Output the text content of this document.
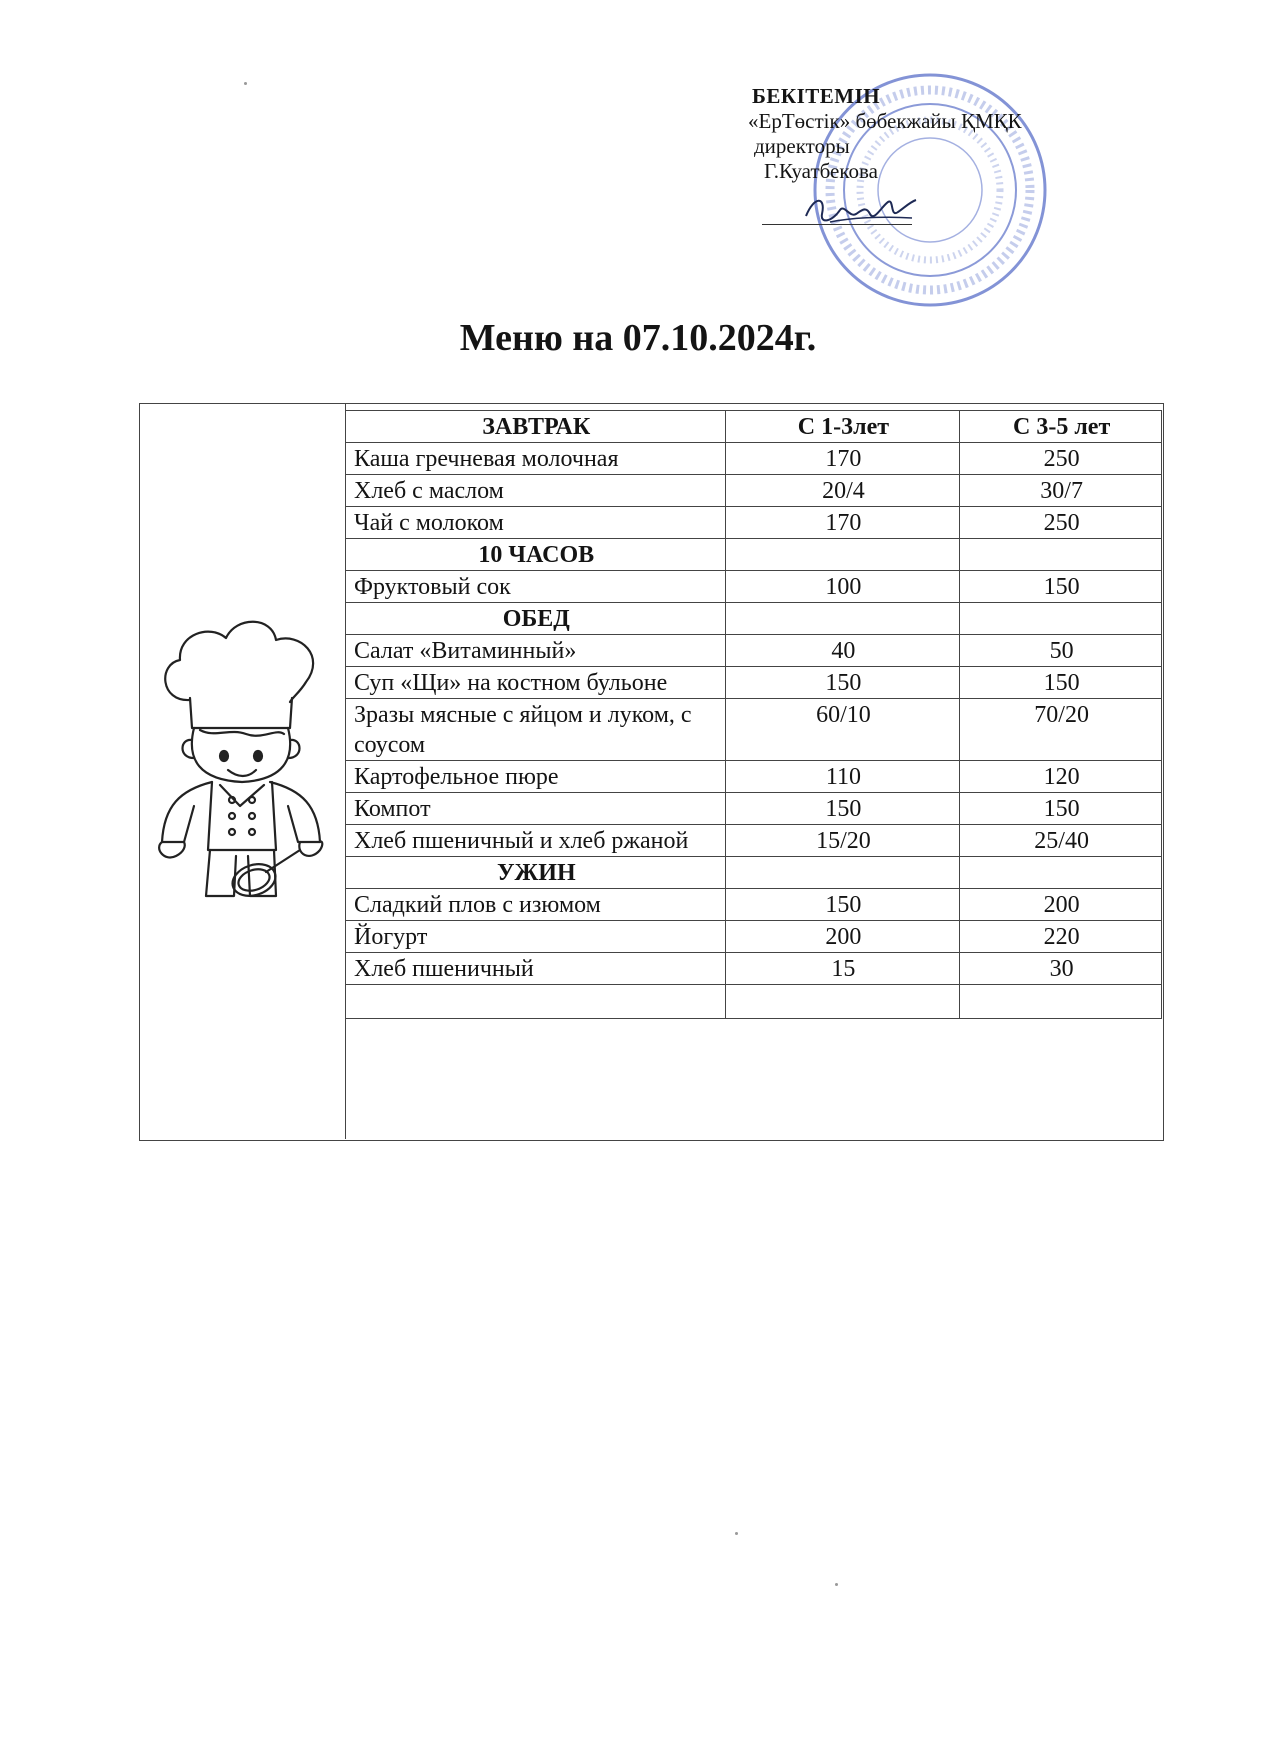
БЕКІТЕМІН
«ЕрТөстік» бөбекжайы ҚМҚК
директоры
Г.Куатбекова
Меню на 07.10.2024г.
ЗАВТРАК	С 1-3лет	С 3-5 лет
Каша гречневая молочная	170	250
Хлеб с маслом	20/4	30/7
Чай с молоком	170	250
10 ЧАСОВ		
Фруктовый сок	100	150
ОБЕД		
Салат «Витаминный»	40	50
Суп «Щи» на костном бульоне	150	150
Зразы мясные с яйцом и луком, с соусом	60/10	70/20
Картофельное пюре	110	120
Компот	150	150
Хлеб пшеничный и хлеб ржаной	15/20	25/40
УЖИН		
Сладкий плов с изюмом	150	200
Йогурт	200	220
Хлеб пшеничный	15	30
